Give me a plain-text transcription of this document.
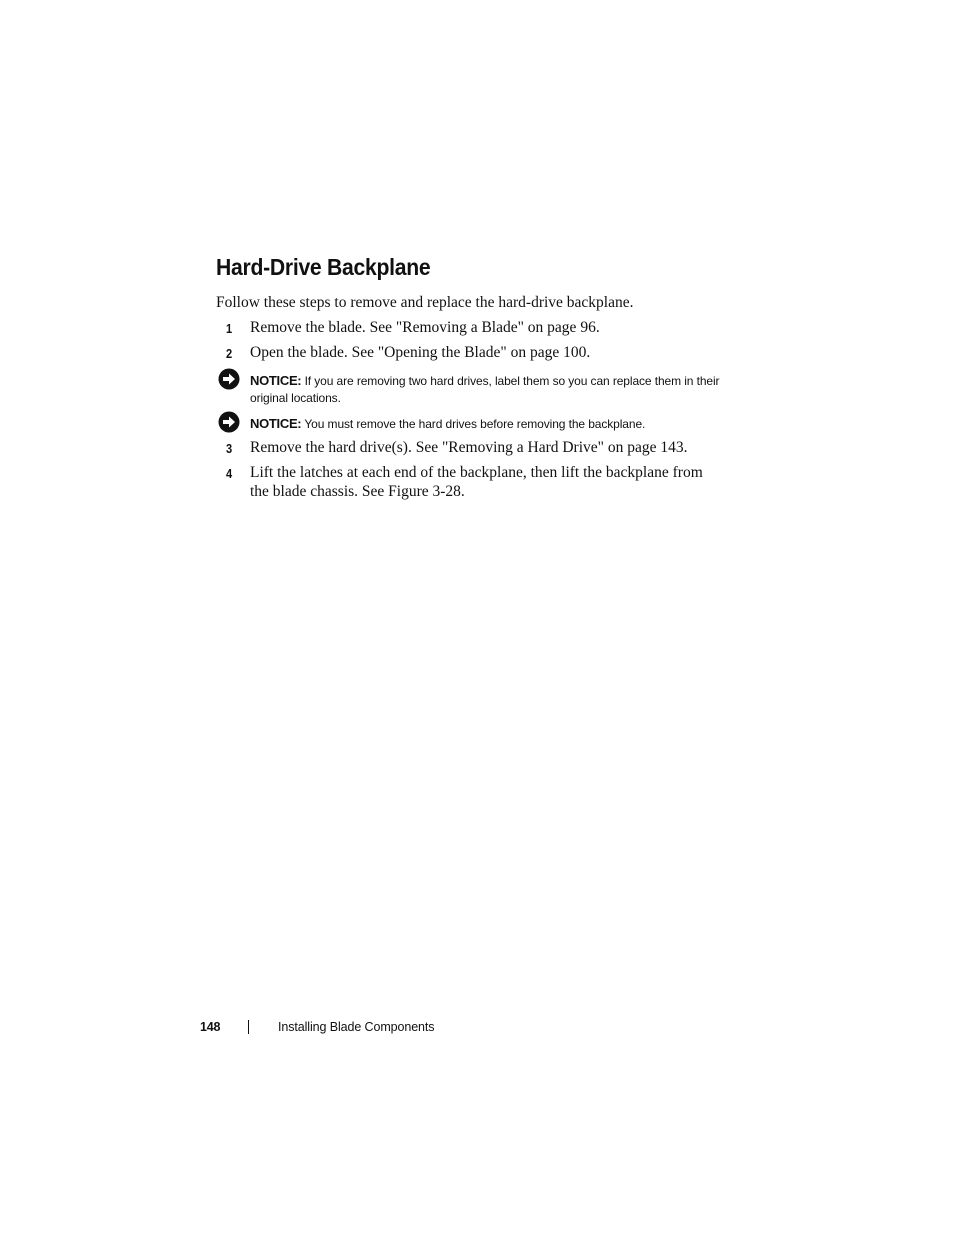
Hard-Drive Backplane
Follow these steps to remove and replace the hard-drive backplane.
1 Remove the blade. See "Removing a Blade" on page 96.
2 Open the blade. See "Opening the Blade" on page 100.
NOTICE: If you are removing two hard drives, label them so you can replace them in their original locations.
NOTICE: You must remove the hard drives before removing the backplane.
3 Remove the hard drive(s). See "Removing a Hard Drive" on page 143.
4 Lift the latches at each end of the backplane, then lift the backplane from the blade chassis. See Figure 3-28.
148	Installing Blade Components
